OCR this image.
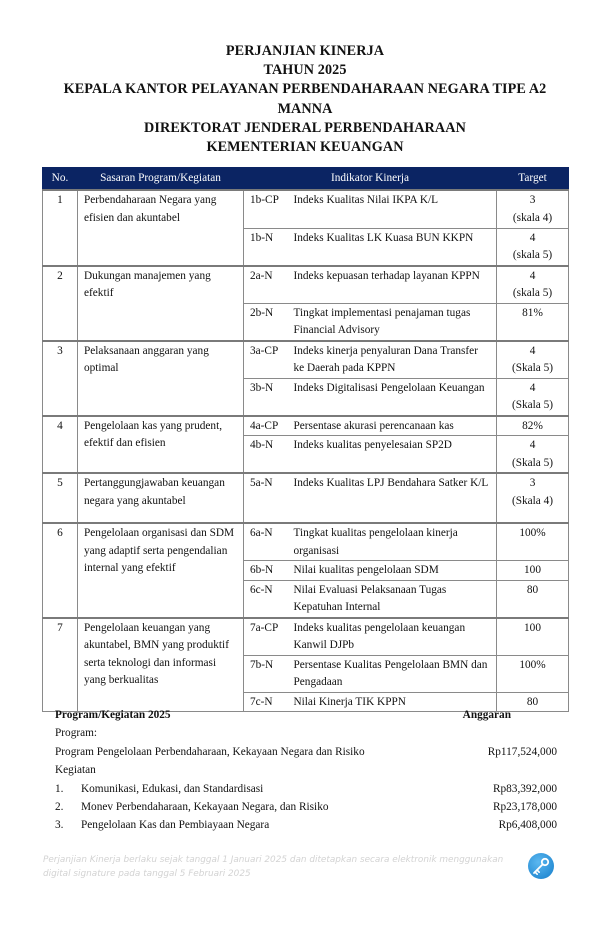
PERJANJIAN KINERJA
TAHUN 2025
KEPALA KANTOR PELAYANAN PERBENDAHARAAN NEGARA TIPE A2
MANNA
DIREKTORAT JENDERAL PERBENDAHARAAN
KEMENTERIAN KEUANGAN
No.	Sasaran Program/Kegiatan	Indikator Kinerja		Target
1	Perbendaharaan Negara yang efisien dan akuntabel	1b-CP	Indeks Kualitas Nilai IKPA K/L	3
(skala 4)

		1b-N	Indeks Kualitas LK Kuasa BUN KKPN	4
(skala 5)

2	Dukungan manajemen yang efektif	2a-N	Indeks kepuasan terhadap layanan KPPN	4
(skala 5)

		2b-N	Tingkat implementasi penajaman tugas Financial Advisory	81%

3	Pelaksanaan anggaran yang optimal	3a-CP	Indeks kinerja penyaluran Dana Transfer ke Daerah pada KPPN	4
(Skala 5)

		3b-N	Indeks Digitalisasi Pengelolaan Keuangan	4
(Skala 5)

4	Pengelolaan kas yang prudent, efektif dan efisien	4a-CP	Persentase akurasi perencanaan kas	82%

		4b-N	Indeks kualitas penyelesaian SP2D	4
(Skala 5)

5	Pertanggungjawaban keuangan negara yang akuntabel	5a-N	Indeks Kualitas LPJ Bendahara Satker K/L	3
(Skala 4)

6	Pengelolaan organisasi dan SDM yang adaptif serta pengendalian internal yang efektif	6a-N	Tingkat kualitas pengelolaan kinerja organisasi	100%

		6b-N	Nilai kualitas pengelolaan SDM	100

		6c-N	Nilai Evaluasi Pelaksanaan Tugas Kepatuhan Internal	80

7	Pengelolaan keuangan yang akuntabel, BMN yang produktif serta teknologi dan informasi yang berkualitas	7a-CP	Indeks kualitas pengelolaan keuangan Kanwil DJPb	100

		7b-N	Persentase Kualitas Pengelolaan BMN dan Pengadaan	100%

		7c-N	Nilai Kinerja TIK KPPN	80
Program/Kegiatan 2025	Anggaran
Program:
Program Pengelolaan Perbendaharaan, Kekayaan Negara dan Risiko	Rp117,524,000
Kegiatan
1. Komunikasi, Edukasi, dan Standardisasi	Rp83,392,000
2. Monev Perbendaharaan, Kekayaan Negara, dan Risiko	Rp23,178,000
3. Pengelolaan Kas dan Pembiayaan Negara	Rp6,408,000
Perjanjian Kinerja berlaku sejak tanggal 1 Januari 2025 dan ditetapkan secara elektronik menggunakan
digital signature pada tanggal 5 Februari 2025
